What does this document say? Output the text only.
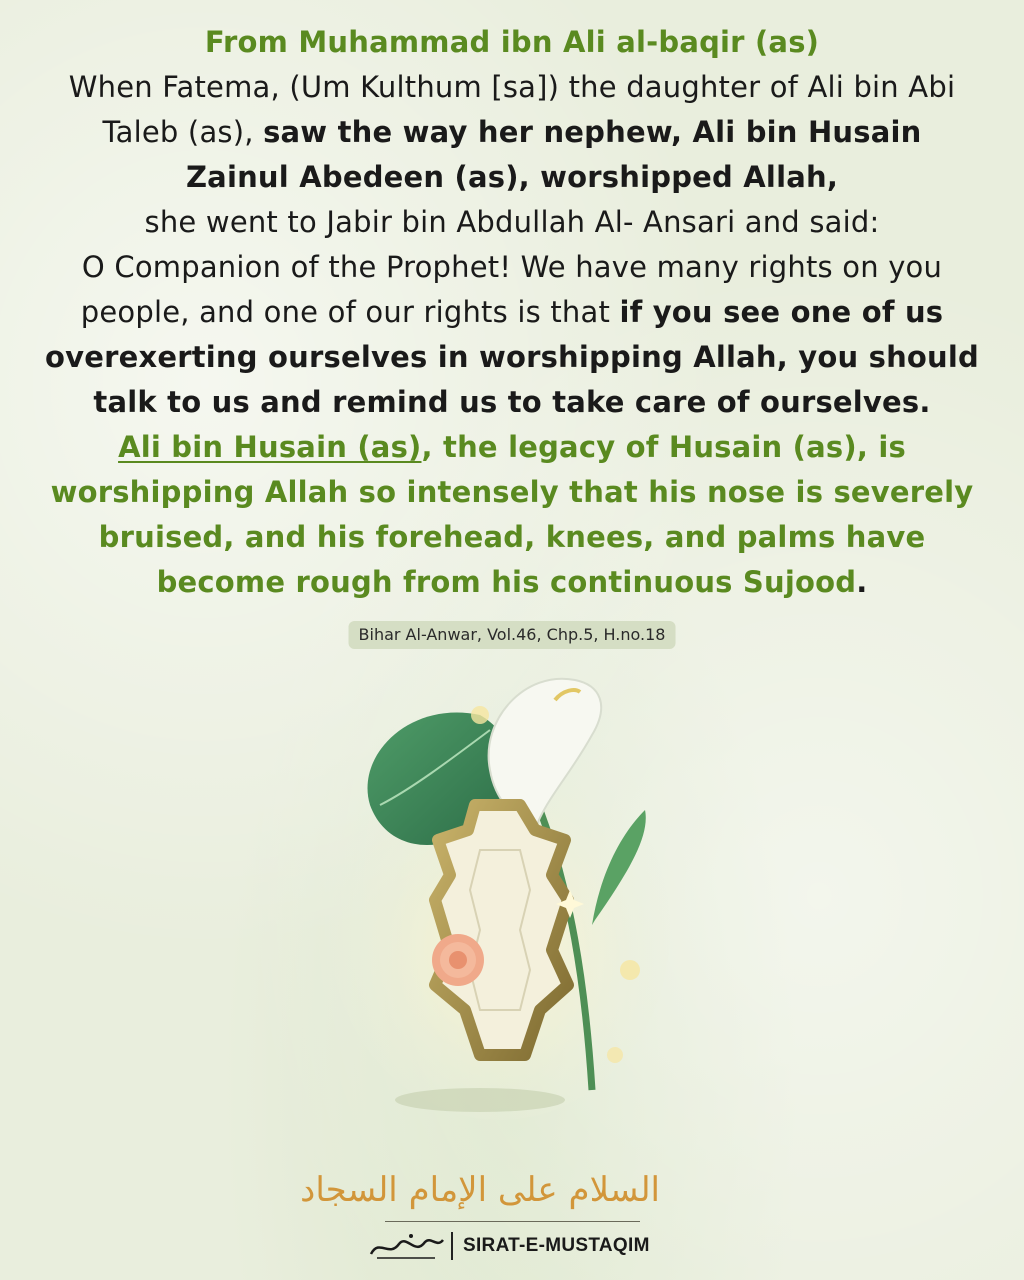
From Muhammad ibn Ali al-baqir (as)
When Fatema, (Um Kulthum [sa]) the daughter of Ali bin Abi
Taleb (as), saw the way her nephew, Ali bin Husain
Zainul Abedeen (as), worshipped Allah,
she went to Jabir bin Abdullah Al- Ansari and said:
O Companion of the Prophet! We have many rights on you
people, and one of our rights is that if you see one of us
overexerting ourselves in worshipping Allah, you should
talk to us and remind us to take care of ourselves.
Ali bin Husain (as), the legacy of Husain (as), is
worshipping Allah so intensely that his nose is severely
bruised, and his forehead, knees, and palms have
become rough from his continuous Sujood.
Bihar Al-Anwar, Vol.46, Chp.5, H.no.18
السلام على الإمام السجاد
SIRAT-E-MUSTAQIM
